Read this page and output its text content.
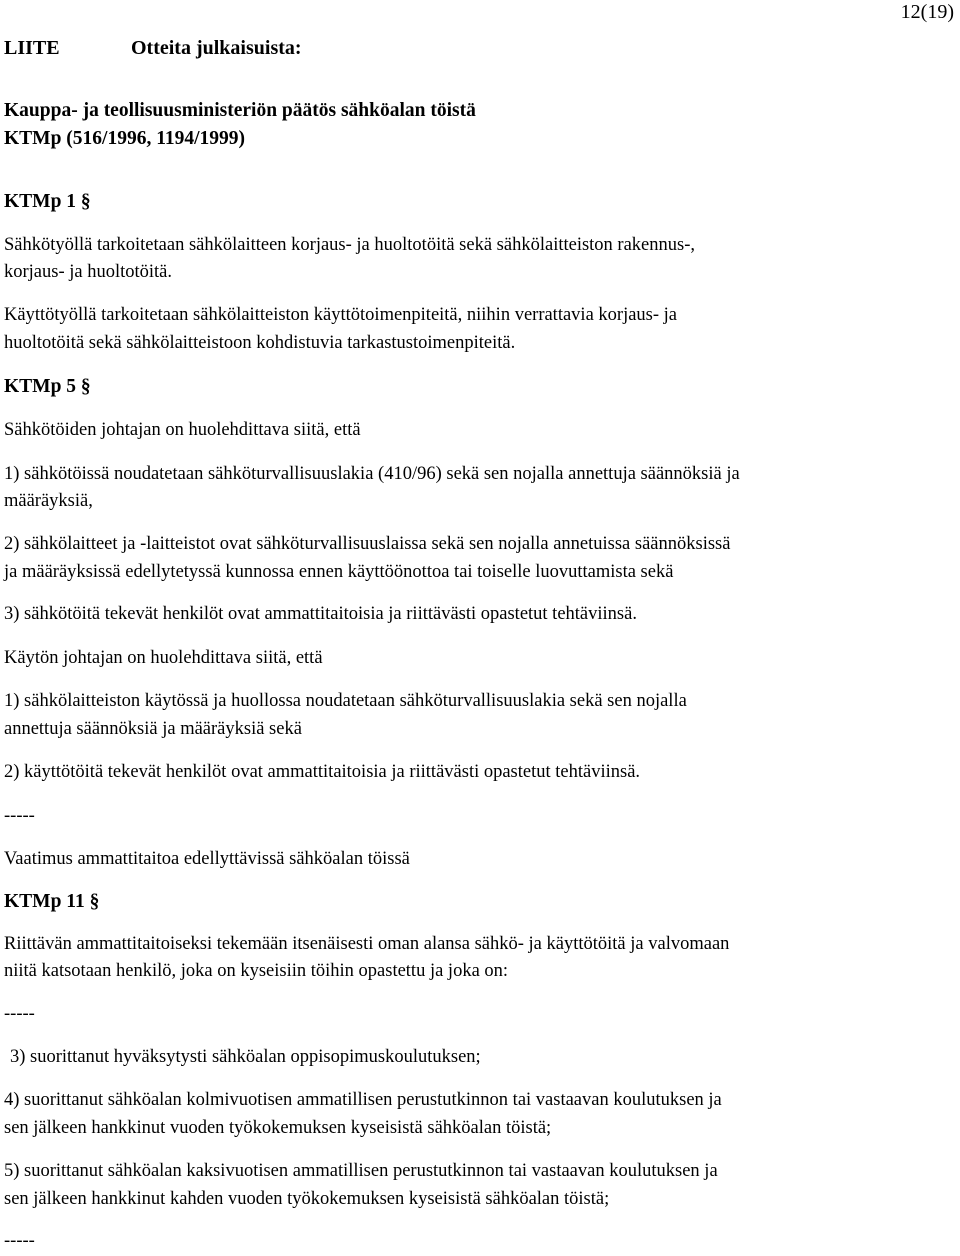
LIITE	Otteita julkaisuista:
12(19)
Kauppa- ja teollisuusministeriön päätös sähköalan töistä
KTMp (516/1996, 1194/1999)
KTMp 1 §
Sähkötyöllä tarkoitetaan sähkölaitteen korjaus- ja huoltotöitä sekä sähkölaitteiston rakennus-,
korjaus- ja huoltotöitä.
Käyttötyöllä tarkoitetaan sähkölaitteiston käyttötoimenpiteitä, niihin verrattavia korjaus- ja
huoltotöitä sekä sähkölaitteistoon kohdistuvia tarkastustoimenpiteitä.
KTMp 5 §
Sähkötöiden johtajan on huolehdittava siitä, että
1) sähkötöissä noudatetaan sähköturvallisuuslakia (410/96) sekä sen nojalla annettuja säännöksiä ja
määräyksiä,
2) sähkölaitteet ja -laitteistot ovat sähköturvallisuuslaissa sekä sen nojalla annetuissa säännöksissä
ja määräyksissä edellytetyssä kunnossa ennen käyttöönottoa tai toiselle luovuttamista sekä
3) sähkötöitä tekevät henkilöt ovat ammattitaitoisia ja riittävästi opastetut tehtäviinsä.
Käytön johtajan on huolehdittava siitä, että
1) sähkölaitteiston käytössä ja huollossa noudatetaan sähköturvallisuuslakia sekä sen nojalla
annettuja säännöksiä ja määräyksiä sekä
2) käyttötöitä tekevät henkilöt ovat ammattitaitoisia ja riittävästi opastetut tehtäviinsä.
-----
Vaatimus ammattitaitoa edellyttävissä sähköalan töissä
KTMp 11 §
Riittävän ammattitaitoiseksi tekemään itsenäisesti oman alansa sähkö- ja käyttötöitä ja valvomaan
niitä katsotaan henkilö, joka on kyseisiin töihin opastettu ja joka on:
-----
3) suorittanut hyväksytysti sähköalan oppisopimuskoulutuksen;
4) suorittanut sähköalan kolmivuotisen ammatillisen perustutkinnon tai vastaavan koulutuksen ja
sen jälkeen hankkinut vuoden työkokemuksen kyseisistä sähköalan töistä;
5) suorittanut sähköalan kaksivuotisen ammatillisen perustutkinnon tai vastaavan koulutuksen ja
sen jälkeen hankkinut kahden vuoden työkokemuksen kyseisistä sähköalan töistä;
-----
